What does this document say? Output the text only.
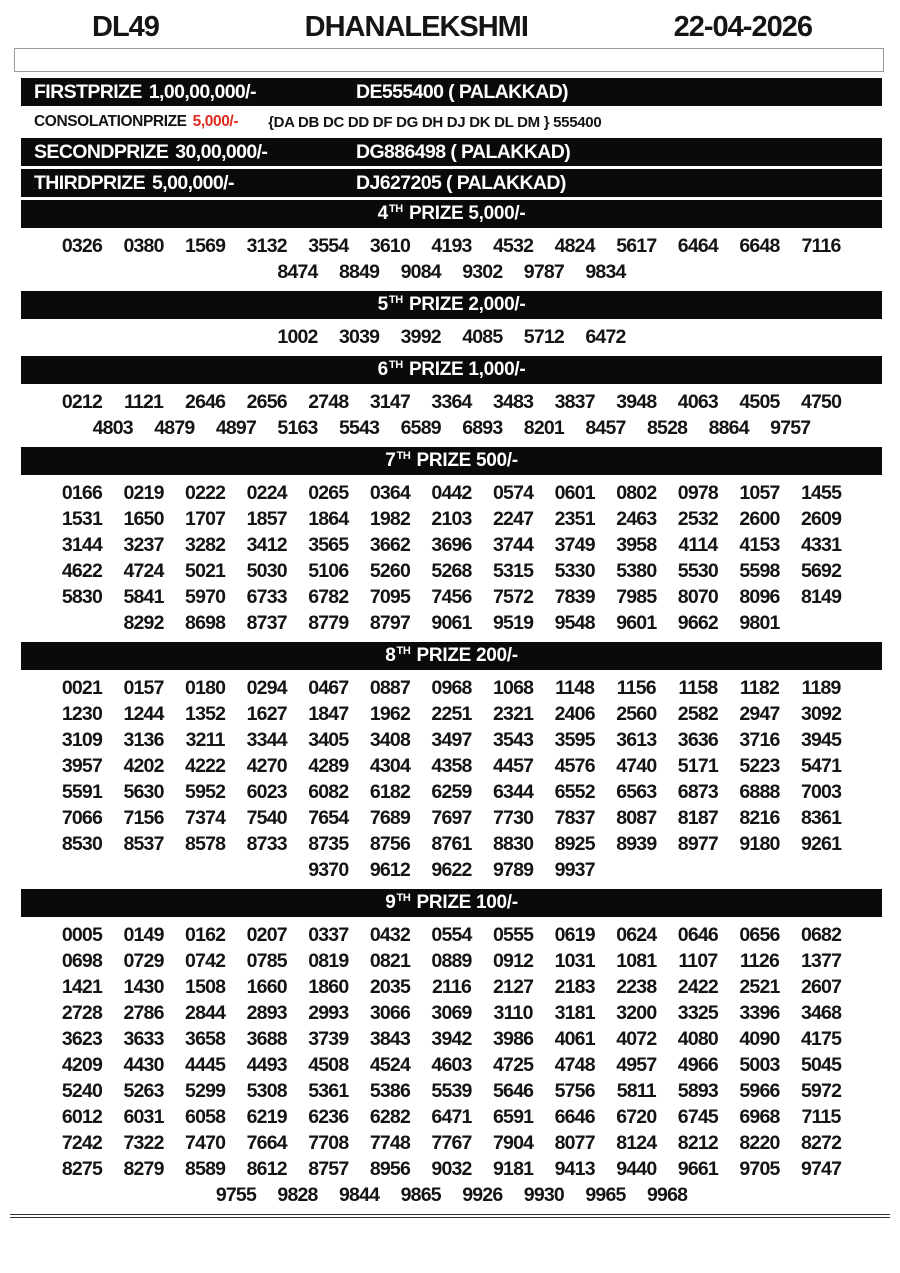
DL49	DHANALEKSHMI	22-04-2026
FIRSTPRIZE 1,00,00,000/-	DE555400 ( PALAKKAD)
CONSOLATIONPRIZE 5,000/- {DA DB DC DD DF DG DH DJ DK DL DM } 555400
SECONDPRIZE 30,00,000/-	DG886498 ( PALAKKAD)
THIRDPRIZE 5,00,000/-	DJ627205 ( PALAKKAD)
4TH PRIZE 5,000/-
0326	0380	1569	3132	3554	3610	4193	4532	4824	5617	6464	6648	7116
8474	8849	9084	9302	9787	9834
5TH PRIZE 2,000/-
1002	3039	3992	4085	5712	6472
6TH PRIZE 1,000/-
0212	1121	2646	2656	2748	3147	3364	3483	3837	3948	4063	4505	4750
4803	4879	4897	5163	5543	6589	6893	8201	8457	8528	8864	9757
7TH PRIZE 500/-
0166	0219	0222	0224	0265	0364	0442	0574	0601	0802	0978	1057	1455
1531	1650	1707	1857	1864	1982	2103	2247	2351	2463	2532	2600	2609
3144	3237	3282	3412	3565	3662	3696	3744	3749	3958	4114	4153	4331
4622	4724	5021	5030	5106	5260	5268	5315	5330	5380	5530	5598	5692
5830	5841	5970	6733	6782	7095	7456	7572	7839	7985	8070	8096	8149
8292	8698	8737	8779	8797	9061	9519	9548	9601	9662	9801
8TH PRIZE 200/-
0021	0157	0180	0294	0467	0887	0968	1068	1148	1156	1158	1182	1189
1230	1244	1352	1627	1847	1962	2251	2321	2406	2560	2582	2947	3092
3109	3136	3211	3344	3405	3408	3497	3543	3595	3613	3636	3716	3945
3957	4202	4222	4270	4289	4304	4358	4457	4576	4740	5171	5223	5471
5591	5630	5952	6023	6082	6182	6259	6344	6552	6563	6873	6888	7003
7066	7156	7374	7540	7654	7689	7697	7730	7837	8087	8187	8216	8361
8530	8537	8578	8733	8735	8756	8761	8830	8925	8939	8977	9180	9261
9370	9612	9622	9789	9937
9TH PRIZE 100/-
0005	0149	0162	0207	0337	0432	0554	0555	0619	0624	0646	0656	0682
0698	0729	0742	0785	0819	0821	0889	0912	1031	1081	1107	1126	1377
1421	1430	1508	1660	1860	2035	2116	2127	2183	2238	2422	2521	2607
2728	2786	2844	2893	2993	3066	3069	3110	3181	3200	3325	3396	3468
3623	3633	3658	3688	3739	3843	3942	3986	4061	4072	4080	4090	4175
4209	4430	4445	4493	4508	4524	4603	4725	4748	4957	4966	5003	5045
5240	5263	5299	5308	5361	5386	5539	5646	5756	5811	5893	5966	5972
6012	6031	6058	6219	6236	6282	6471	6591	6646	6720	6745	6968	7115
7242	7322	7470	7664	7708	7748	7767	7904	8077	8124	8212	8220	8272
8275	8279	8589	8612	8757	8956	9032	9181	9413	9440	9661	9705	9747
9755	9828	9844	9865	9926	9930	9965	9968
